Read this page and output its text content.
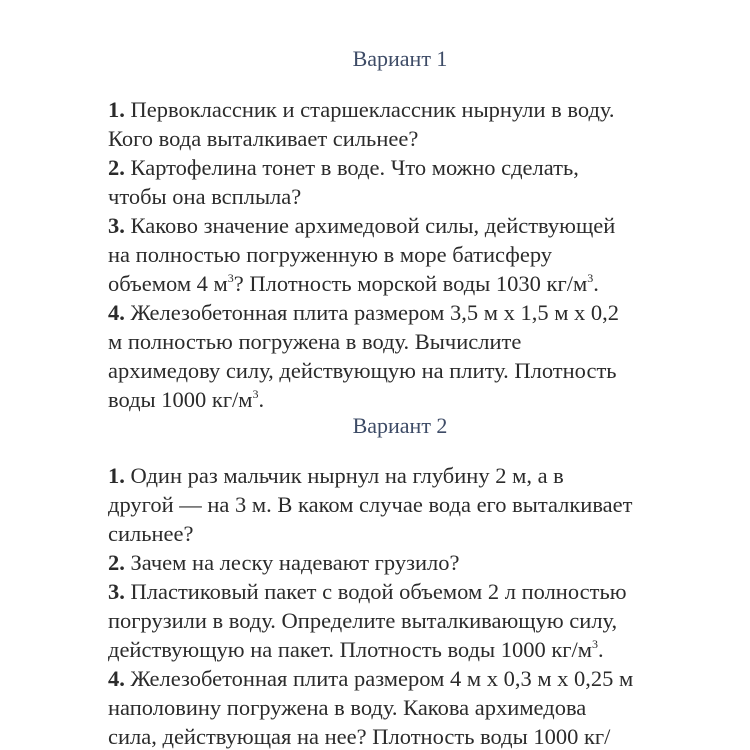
Вариант 1
1. Первоклассник и старшеклассник нырнули в воду.
Кого вода выталкивает сильнее?
2. Картофелина тонет в воде. Что можно сделать,
чтобы она всплыла?
3. Каково значение архимедовой силы, действующей
на полностью погруженную в море батисферу
объемом 4 $м^3$? Плотность морской воды 1030 $кг/м^3$.
4. Железобетонная плита размером 3,5 м х 1,5 м х 0,2
м полностью погружена в воду. Вычислите
архимедову силу, действующую на плиту. Плотность
воды 1000 $кг/м^3$.
Вариант 2
1. Один раз мальчик нырнул на глубину 2 м, а в
другой — на 3 м. В каком случае вода его выталкивает
сильнее?
2. Зачем на леску надевают грузило?
3. Пластиковый пакет с водой объемом 2 л полностью
погрузили в воду. Определите выталкивающую силу,
действующую на пакет. Плотность воды 1000 $кг/м^3$.
4. Железобетонная плита размером 4 м х 0,3 м х 0,25 м
наполовину погружена в воду. Какова архимедова
сила, действующая на нее? Плотность воды 1000 кг/
